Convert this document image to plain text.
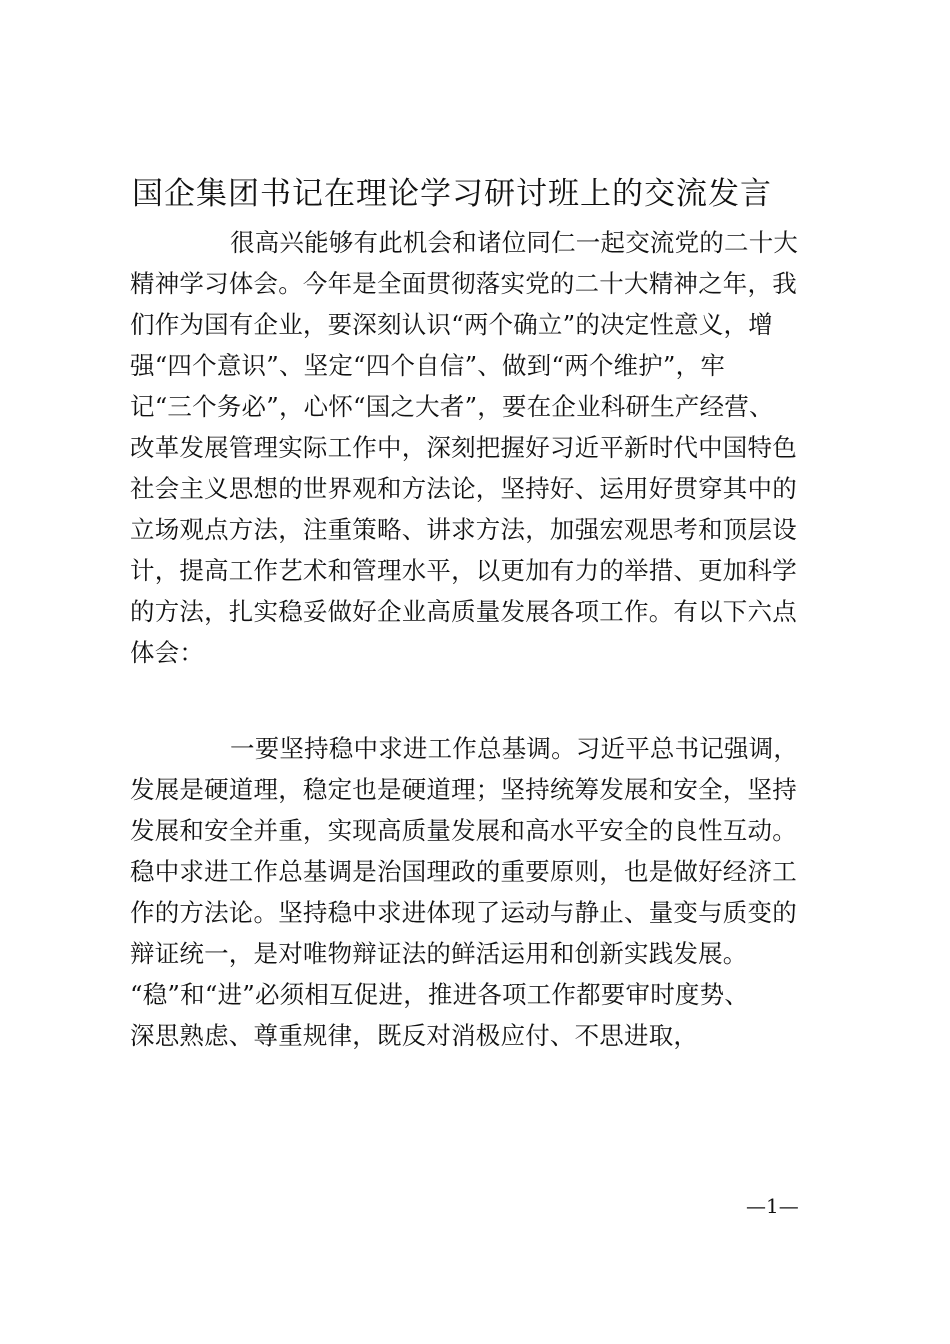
国企集团书记在理论学习研讨班上的交流发言
很高兴能够有此机会和诸位同仁一起交流党的二十大
精神学习体会。今年是全面贯彻落实党的二十大精神之年，我
们作为国有企业，要深刻认识“两个确立”的决定性意义，增
强“四个意识”、坚定“四个自信”、做到“两个维护”，牢
记“三个务必”，心怀“国之大者”，要在企业科研生产经营、
改革发展管理实际工作中，深刻把握好习近平新时代中国特色
社会主义思想的世界观和方法论，坚持好、运用好贯穿其中的
立场观点方法，注重策略、讲求方法，加强宏观思考和顶层设
计，提高工作艺术和管理水平，以更加有力的举措、更加科学
的方法，扎实稳妥做好企业高质量发展各项工作。有以下六点
体会：
一要坚持稳中求进工作总基调。习近平总书记强调，
发展是硬道理，稳定也是硬道理；坚持统筹发展和安全，坚持
发展和安全并重，实现高质量发展和高水平安全的良性互动。
稳中求进工作总基调是治国理政的重要原则，也是做好经济工
作的方法论。坚持稳中求进体现了运动与静止、量变与质变的
辩证统一，是对唯物辩证法的鲜活运用和创新实践发展。
“稳”和“进”必须相互促进，推进各项工作都要审时度势、
深思熟虑、尊重规律，既反对消极应付、不思进取，
—1—
